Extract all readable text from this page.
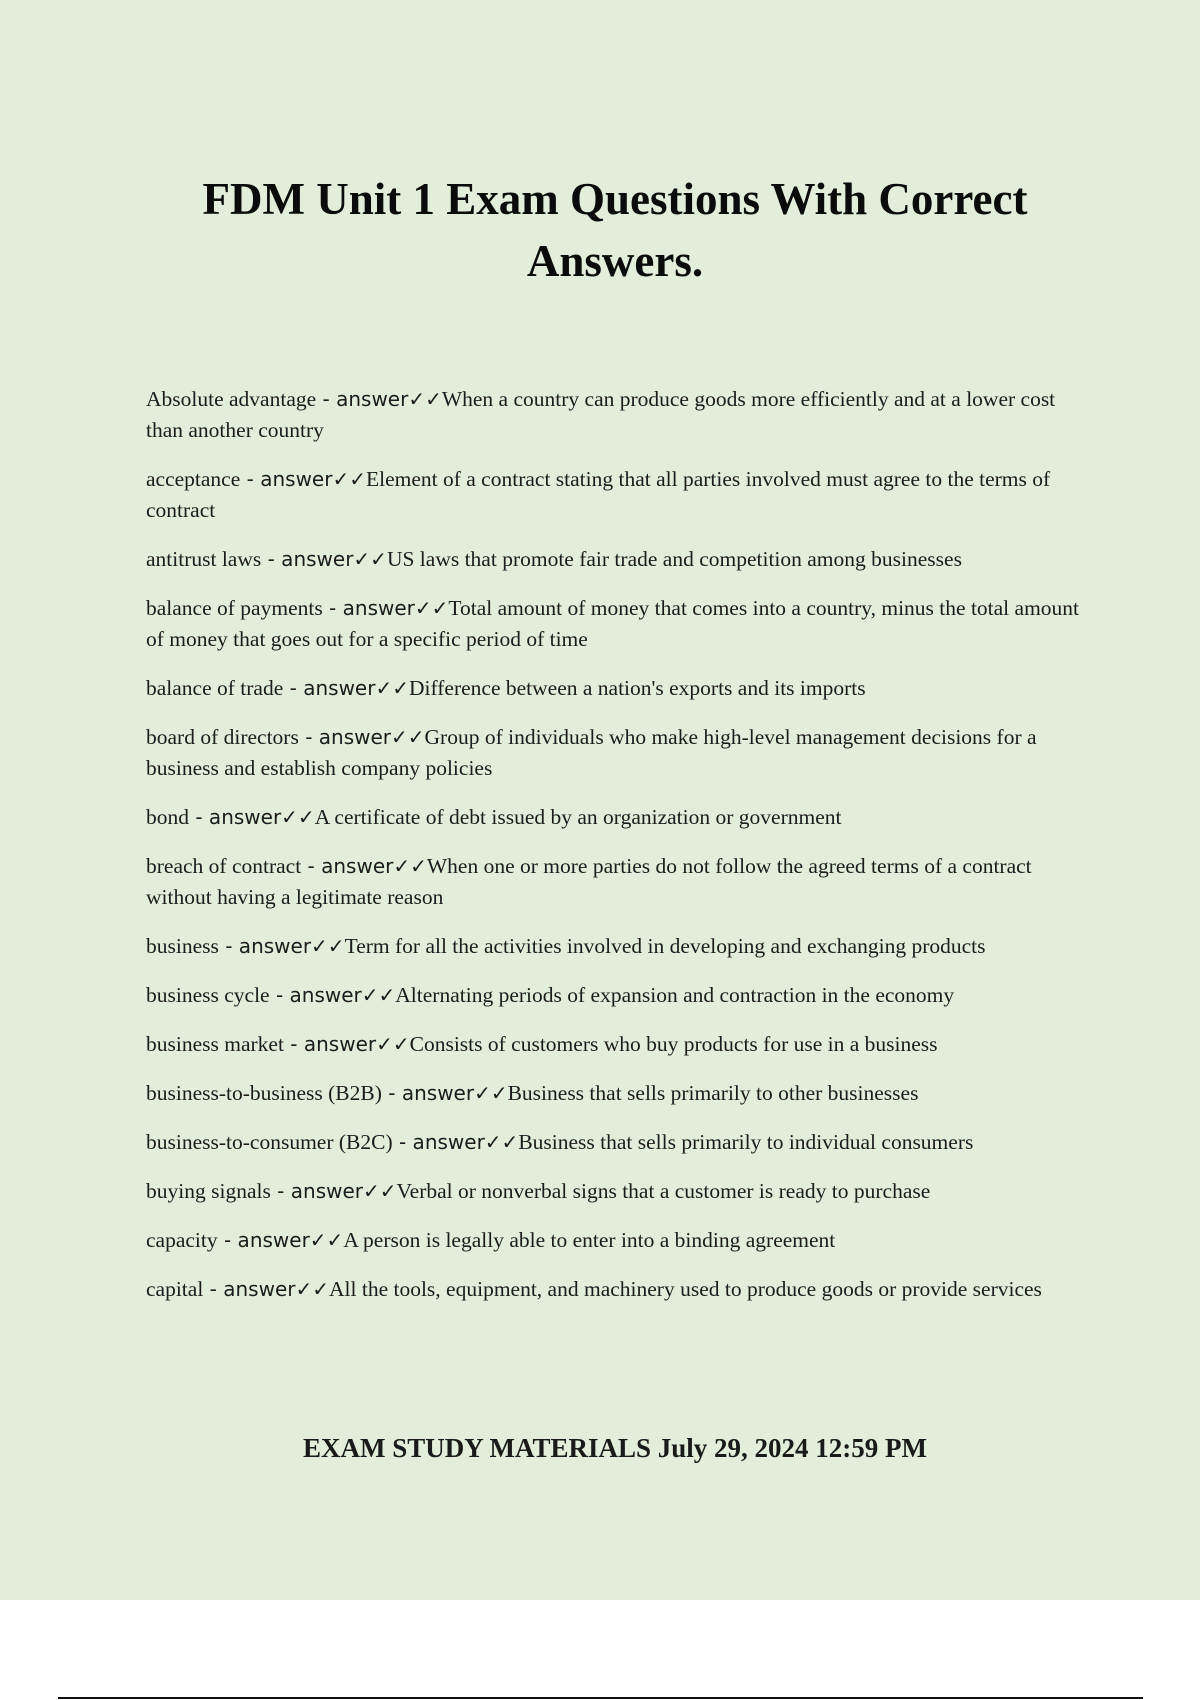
FDM Unit 1 Exam Questions With Correct Answers.
Absolute advantage - answer✓✓When a country can produce goods more efficiently and at a lower cost than another country
acceptance - answer✓✓Element of a contract stating that all parties involved must agree to the terms of contract
antitrust laws - answer✓✓US laws that promote fair trade and competition among businesses
balance of payments - answer✓✓Total amount of money that comes into a country, minus the total amount of money that goes out for a specific period of time
balance of trade - answer✓✓Difference between a nation's exports and its imports
board of directors - answer✓✓Group of individuals who make high-level management decisions for a business and establish company policies
bond - answer✓✓A certificate of debt issued by an organization or government
breach of contract - answer✓✓When one or more parties do not follow the agreed terms of a contract without having a legitimate reason
business - answer✓✓Term for all the activities involved in developing and exchanging products
business cycle - answer✓✓Alternating periods of expansion and contraction in the economy
business market - answer✓✓Consists of customers who buy products for use in a business
business-to-business (B2B) - answer✓✓Business that sells primarily to other businesses
business-to-consumer (B2C) - answer✓✓Business that sells primarily to individual consumers
buying signals - answer✓✓Verbal or nonverbal signs that a customer is ready to purchase
capacity - answer✓✓A person is legally able to enter into a binding agreement
capital - answer✓✓All the tools, equipment, and machinery used to produce goods or provide services

EXAM STUDY MATERIALS July 29, 2024 12:59 PM
